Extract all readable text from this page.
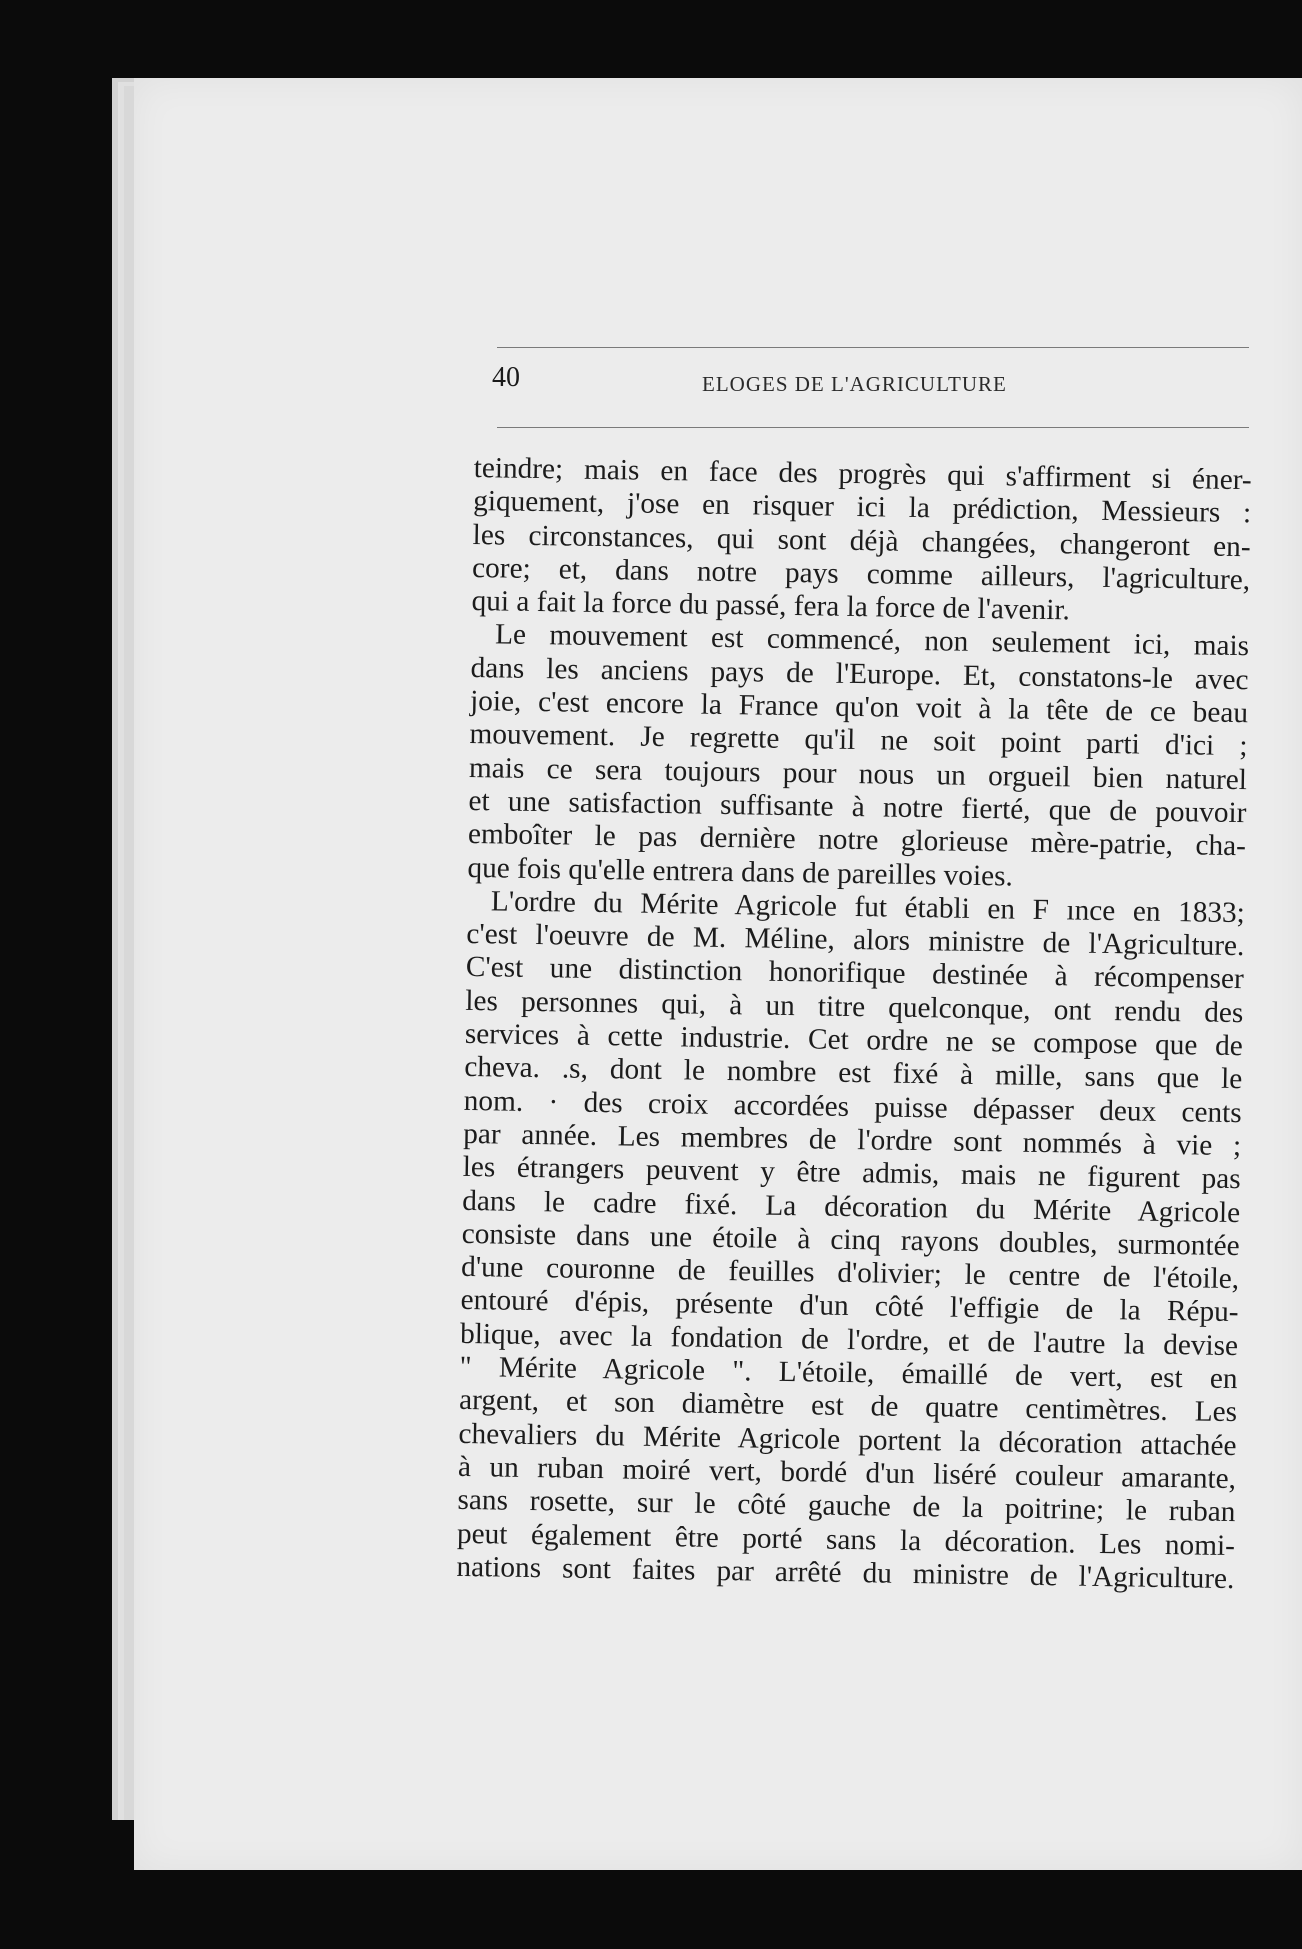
40	ELOGES DE L'AGRICULTURE
teindre; mais en face des progrès qui s'affirment si éner-
giquement, j'ose en risquer ici la prédiction, Messieurs :
les circonstances, qui sont déjà changées, changeront en-
core; et, dans notre pays comme ailleurs, l'agriculture,
qui a fait la force du passé, fera la force de l'avenir.
Le mouvement est commencé, non seulement ici, mais
dans les anciens pays de l'Europe. Et, constatons-le avec
joie, c'est encore la France qu'on voit à la tête de ce beau
mouvement. Je regrette qu'il ne soit point parti d'ici ;
mais ce sera toujours pour nous un orgueil bien naturel
et une satisfaction suffisante à notre fierté, que de pouvoir
emboîter le pas dernière notre glorieuse mère-patrie, cha-
que fois qu'elle entrera dans de pareilles voies.
L'ordre du Mérite Agricole fut établi en F ınce en 1833;
c'est l'oeuvre de M. Méline, alors ministre de l'Agriculture.
C'est une distinction honorifique destinée à récompenser
les personnes qui, à un titre quelconque, ont rendu des
services à cette industrie. Cet ordre ne se compose que de
cheva. .s, dont le nombre est fixé à mille, sans que le
nom. · des croix accordées puisse dépasser deux cents
par année. Les membres de l'ordre sont nommés à vie ;
les étrangers peuvent y être admis, mais ne figurent pas
dans le cadre fixé. La décoration du Mérite Agricole
consiste dans une étoile à cinq rayons doubles, surmontée
d'une couronne de feuilles d'olivier; le centre de l'étoile,
entouré d'épis, présente d'un côté l'effigie de la Répu-
blique, avec la fondation de l'ordre, et de l'autre la devise
" Mérite Agricole ". L'étoile, émaillé de vert, est en
argent, et son diamètre est de quatre centimètres. Les
chevaliers du Mérite Agricole portent la décoration attachée
à un ruban moiré vert, bordé d'un liséré couleur amarante,
sans rosette, sur le côté gauche de la poitrine; le ruban
peut également être porté sans la décoration. Les nomi-
nations sont faites par arrêté du ministre de l'Agriculture.
